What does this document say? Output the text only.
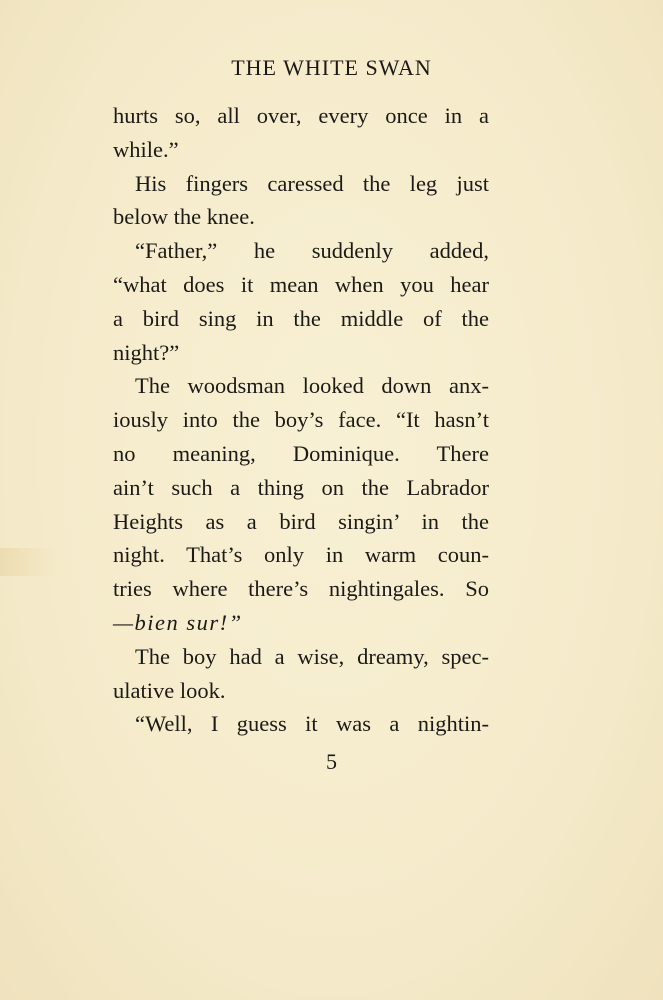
THE WHITE SWAN
hurts so, all over, every once in a
while.”
His fingers caressed the leg just
below the knee.
“Father,” he suddenly added,
“what does it mean when you hear
a bird sing in the middle of the
night?”
The woodsman looked down anx-
iously into the boy’s face. “It hasn’t
no meaning, Dominique. There
ain’t such a thing on the Labrador
Heights as a bird singin’ in the
night. That’s only in warm coun-
tries where there’s nightingales. So
—bien sur!”
The boy had a wise, dreamy, spec-
ulative look.
“Well, I guess it was a nightin-
5
